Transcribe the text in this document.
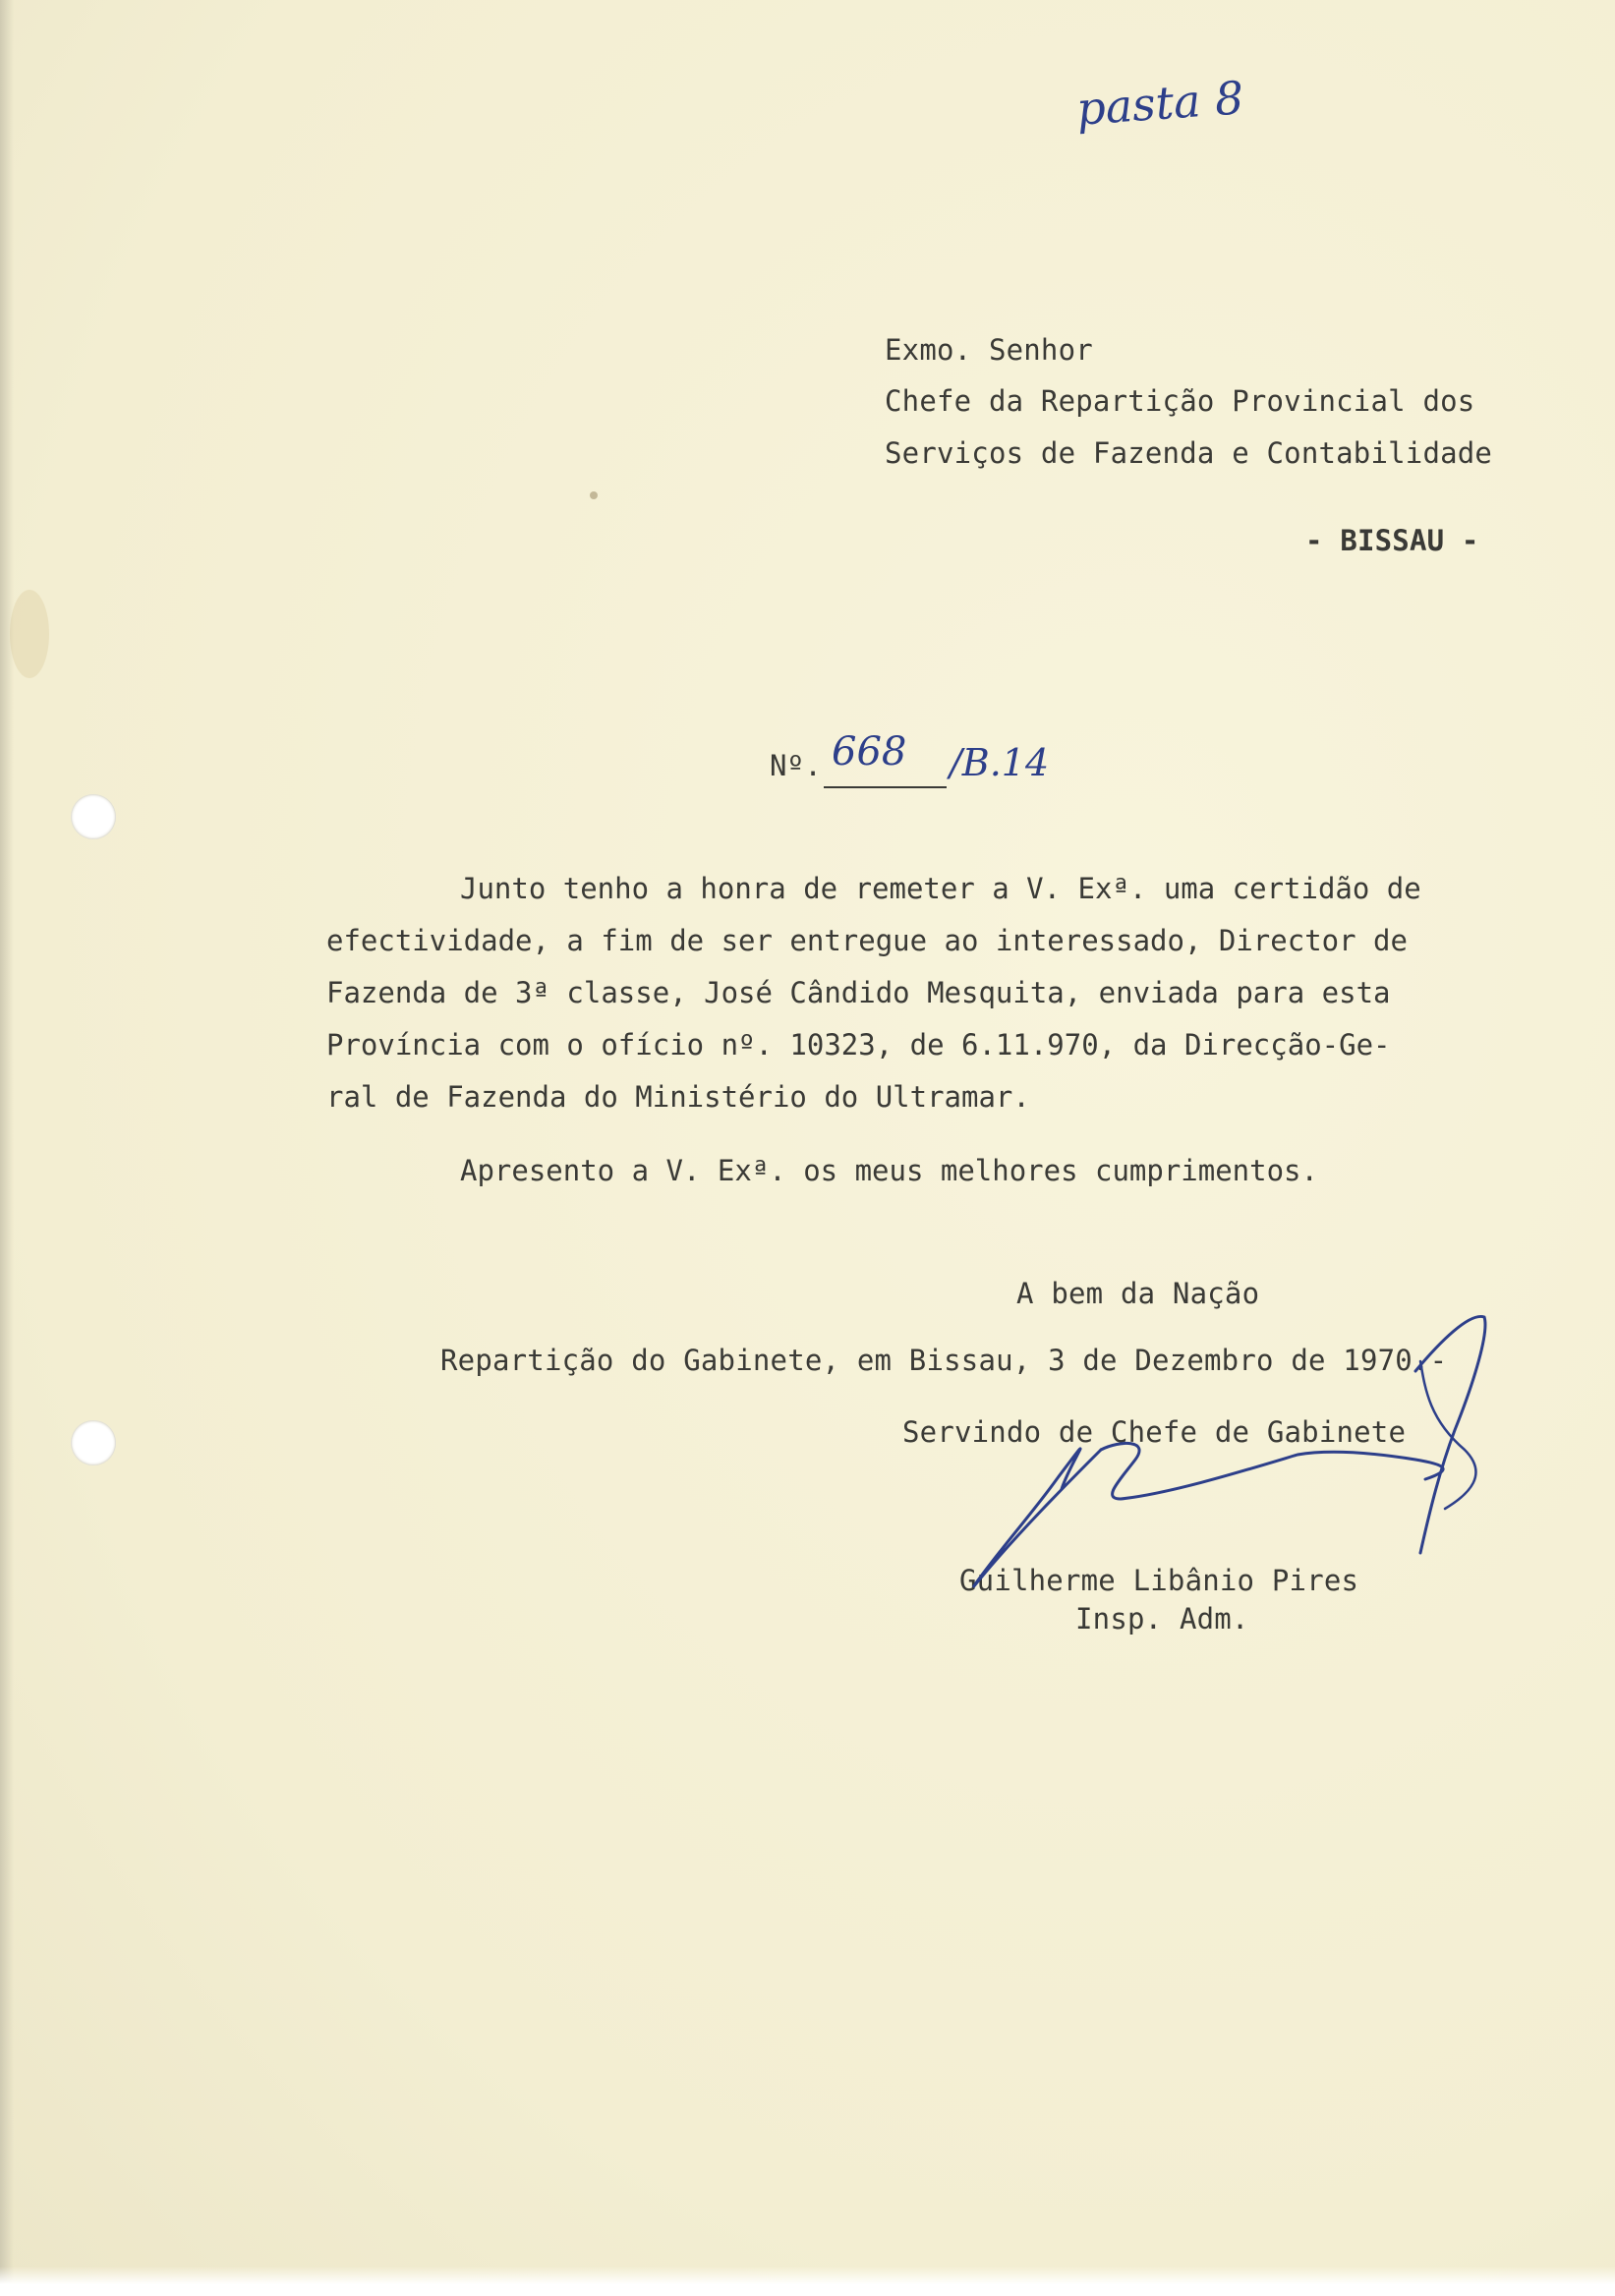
pasta 8
Exmo. Senhor
Chefe da Repartição Provincial dos
Serviços de Fazenda e Contabilidade
- BISSAU -
Nº. 668 /B.14
Junto tenho a honra de remeter a V. Exª. uma certidão de
efectividade, a fim de ser entregue ao interessado, Director de
Fazenda de 3ª classe, José Cândido Mesquita, enviada para esta
Província com o ofício nº. 10323, de 6.11.970, da Direcção-Ge-
ral de Fazenda do Ministério do Ultramar.
Apresento a V. Exª. os meus melhores cumprimentos.
A bem da Nação
Repartição do Gabinete, em Bissau, 3 de Dezembro de 1970.-
Servindo de Chefe de Gabinete
Guilherme Libânio Pires
Insp. Adm.
